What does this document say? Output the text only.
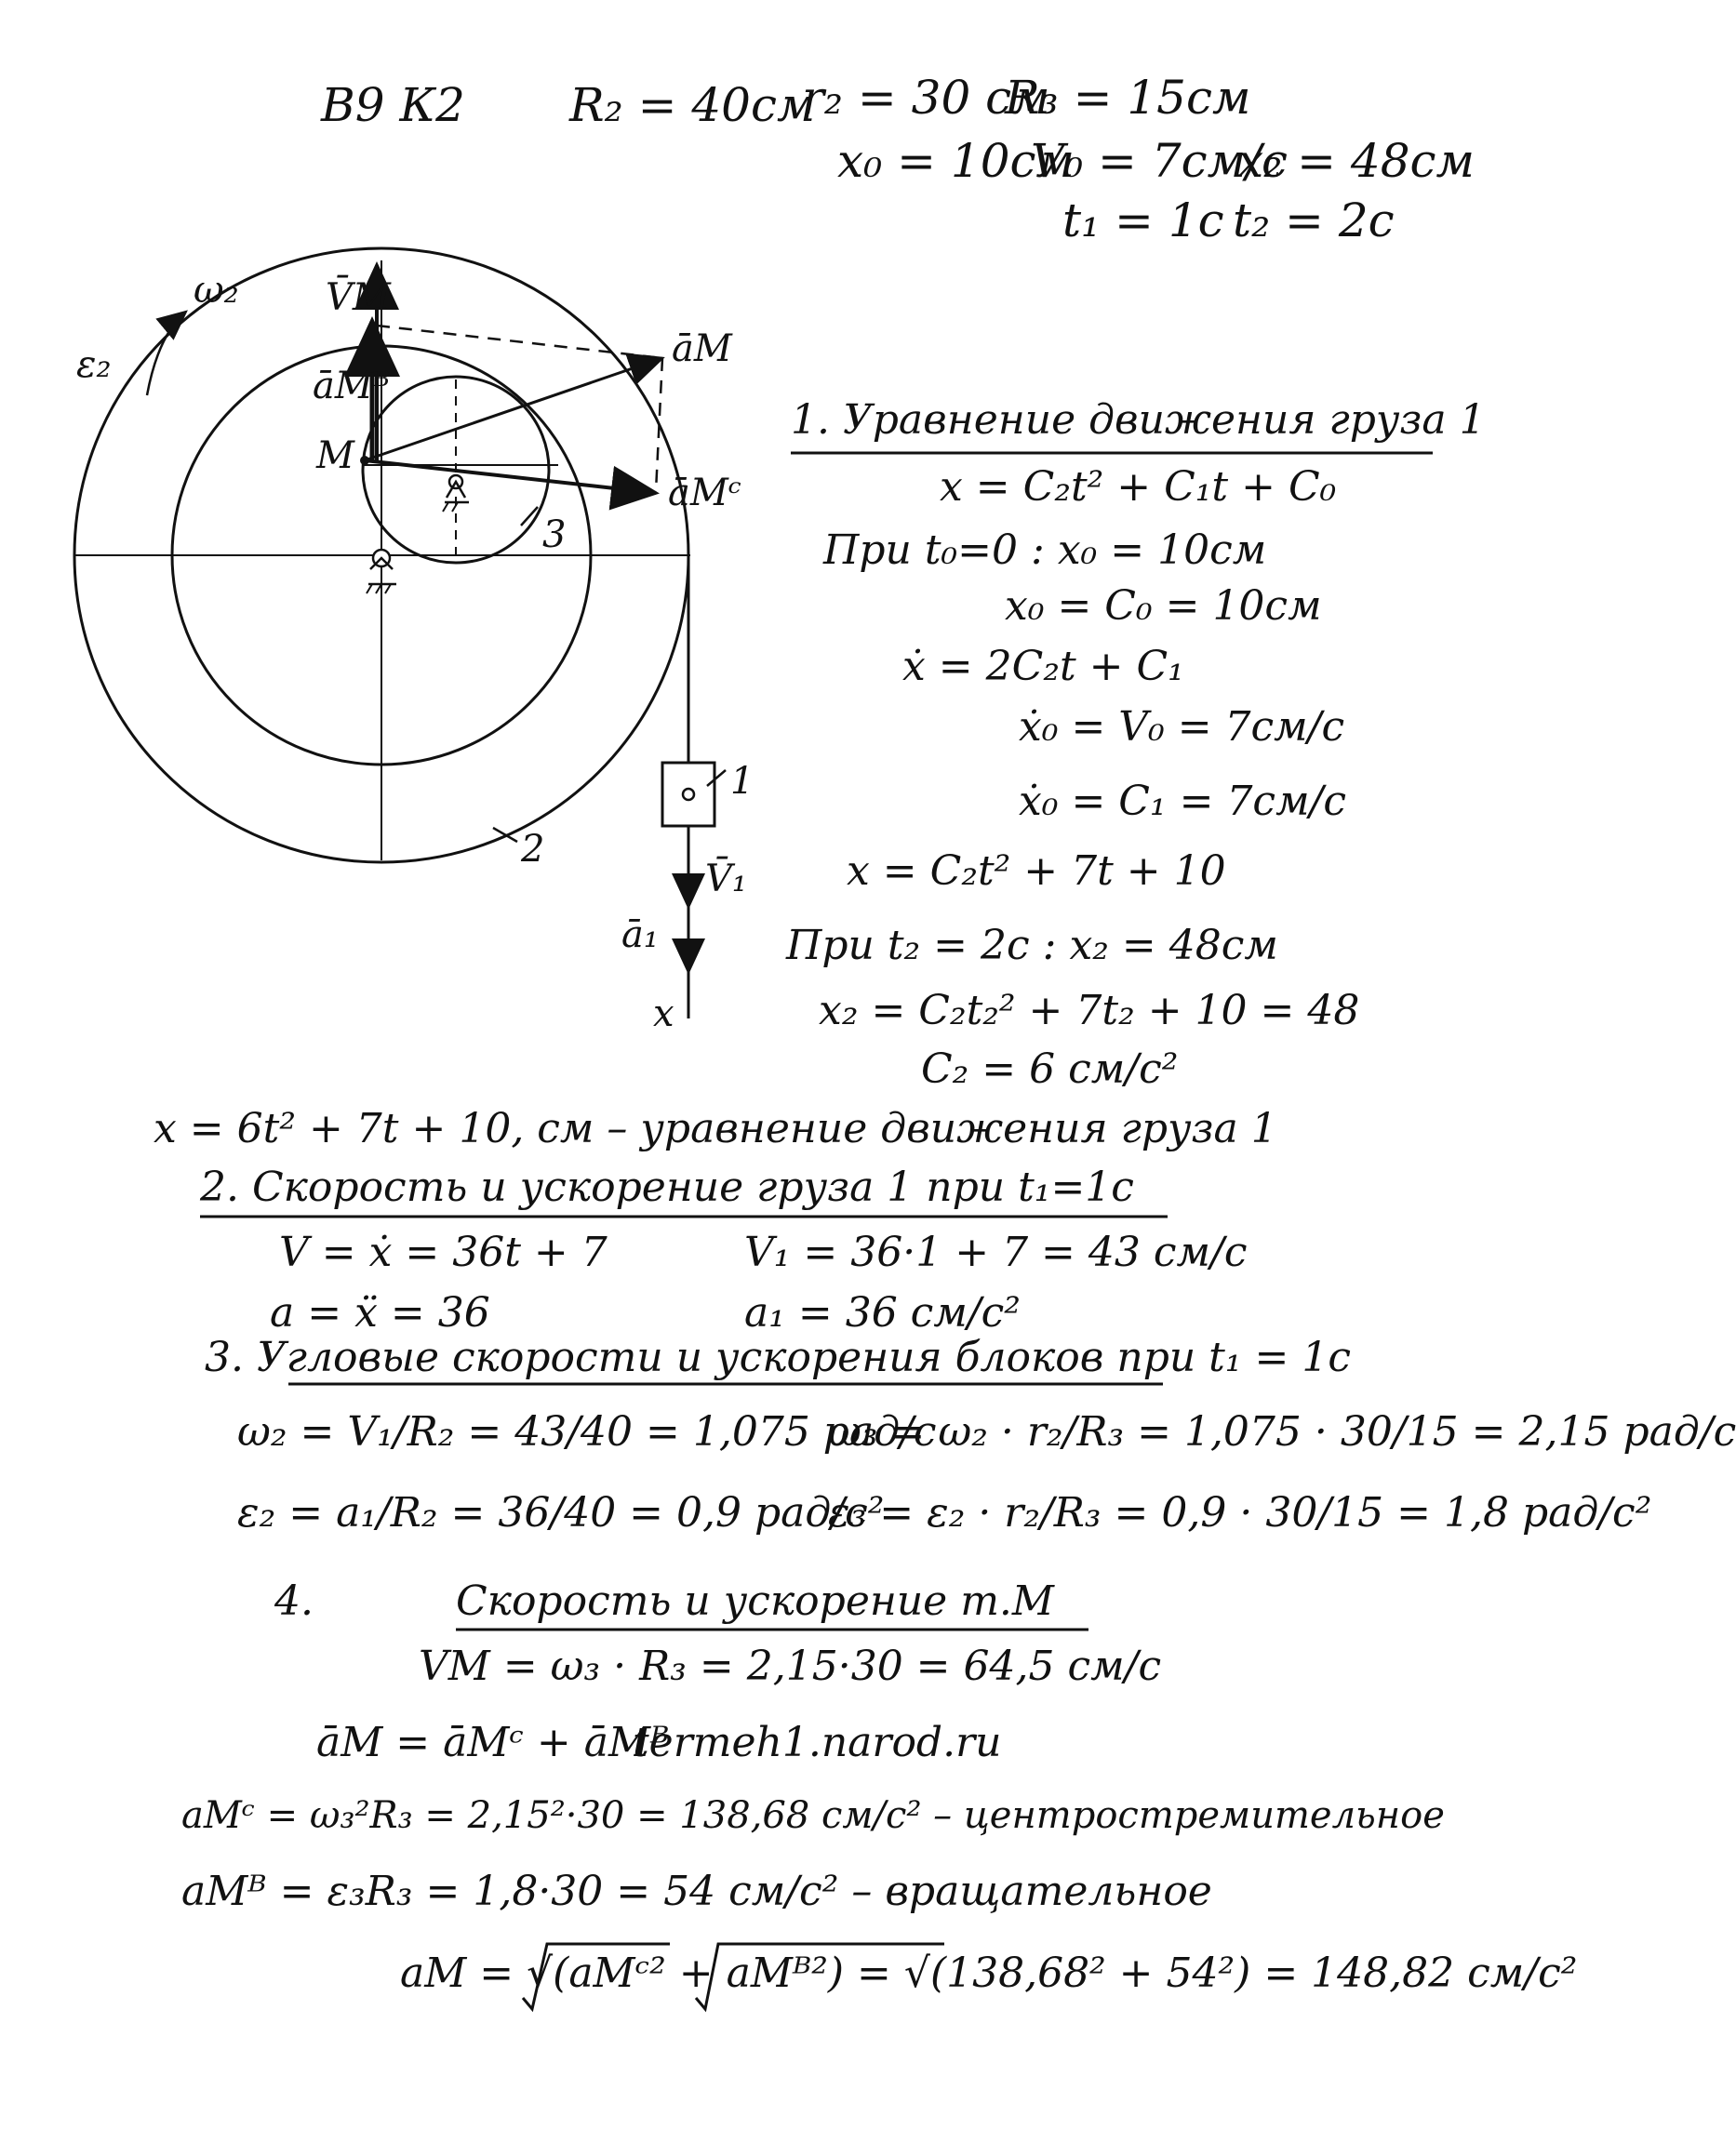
В9 К2 R₂ = 40см
r₂ = 30 см
R₃ = 15см
x₀ = 10см
V₀ = 7см/с
x₂ = 48см
t₁ = 1с t₂ = 2с
ω₂
ε₂
V̄M
āM
āMᴮ
āMᶜ
M
3
2
1
V̄₁
ā₁
x
1. Уравнение движения груза 1
x = C₂t² + C₁t + C₀
При t₀=0 : x₀ = 10см
x₀ = C₀ = 10см
ẋ = 2C₂t + C₁
ẋ₀ = V₀ = 7см/с
ẋ₀ = C₁ = 7см/с
x = C₂t² + 7t + 10
При t₂ = 2с : x₂ = 48см
x₂ = C₂t₂² + 7t₂ + 10 = 48
C₂ = 6 см/с²
x = 6t² + 7t + 10, см – уравнение движения груза 1
2. Скорость и ускорение груза 1 при t₁=1с
V = ẋ = 36t + 7	V₁ = 36·1 + 7 = 43 см/с
a = ẍ = 36	a₁ = 36 см/с²
3. Угловые скорости и ускорения блоков при t₁ = 1с
ω₂ = V₁/R₂ = 43/40 = 1,075 рад/с
ω₃ = ω₂ · r₂/R₃ = 1,075 · 30/15 = 2,15 рад/с
ε₂ = a₁/R₂ = 36/40 = 0,9 рад/с²
ε₃ = ε₂ · r₂/R₃ = 0,9 · 30/15 = 1,8 рад/с²
4.	Скорость и ускорение т.М
VM = ω₃ · R₃ = 2,15·30 = 64,5 см/с
āM = āMᶜ + āMᴮ
termeh1.narod.ru
aMᶜ = ω₃²R₃ = 2,15²·30 = 138,68 см/с² – центростремительное
aMᴮ = ε₃R₃ = 1,8·30 = 54 см/с² – вращательное
aM = √(aMᶜ² + aMᴮ²) = √(138,68² + 54²) = 148,82 см/с²
